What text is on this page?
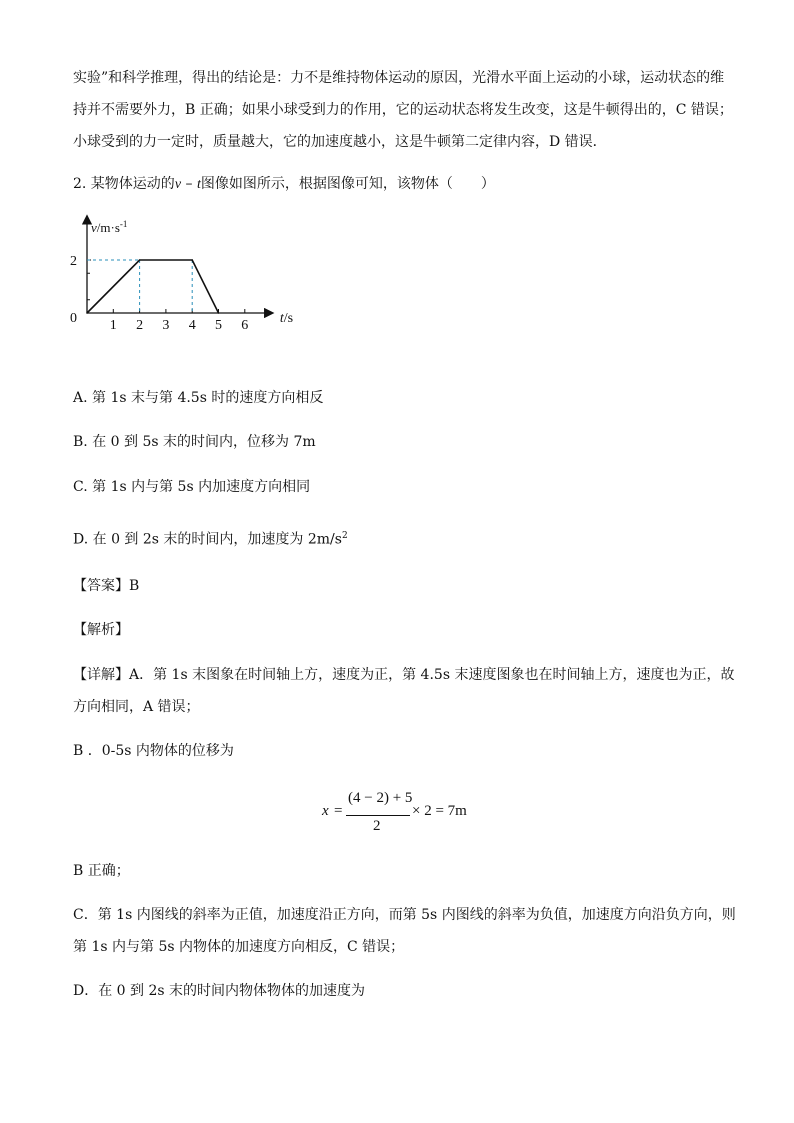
实验”和科学推理，得出的结论是：力不是维持物体运动的原因，光滑水平面上运动的小球，运动状态的维
持并不需要外力，B 正确；如果小球受到力的作用，它的运动状态将发生改变，这是牛顿得出的，C 错误；
小球受到的力一定时，质量越大，它的加速度越小，这是牛顿第二定律内容，D 错误．
2. 某物体运动的v – t图像如图所示，根据图像可知，该物体（　　）
1 2 3 4 5 6
2
0	t/s
$v/m\cdot s^{-1}$
A. 第 1s 末与第 4.5s 时的速度方向相反
B. 在 0 到 5s 末的时间内，位移为 7m
C. 第 1s 内与第 5s 内加速度方向相同
D. 在 0 到 2s 末的时间内，加速度为 $2m/s^2$
【答案】B
【解析】
【详解】A．第 1s 末图象在时间轴上方，速度为正，第 4.5s 末速度图象也在时间轴上方，速度也为正，故
方向相同，A 错误；
B ．0-5s 内物体的位移为
x =
(4 − 2) + 5
2
× 2 = 7m
B 正确；
C．第 1s 内图线的斜率为正值，加速度沿正方向，而第 5s 内图线的斜率为负值，加速度方向沿负方向，则
第 1s 内与第 5s 内物体的加速度方向相反，C 错误；
D．在 0 到 2s 末的时间内物体物体的加速度为
